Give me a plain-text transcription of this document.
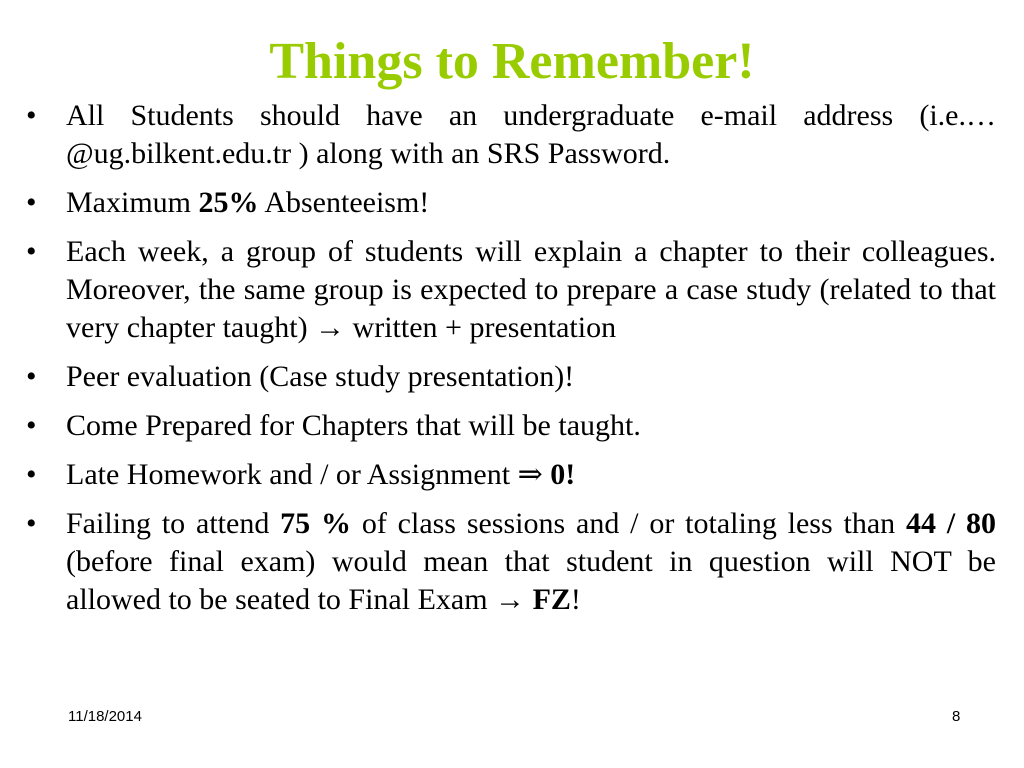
Things to Remember!
• All Students should have an undergraduate e-mail address (i.e.…@ug.bilkent.edu.tr ) along with an SRS Password.
• Maximum 25% Absenteeism!
• Each week, a group of students will explain a chapter to their colleagues. Moreover, the same group is expected to prepare a case study (related to that very chapter taught) → written + presentation
• Peer evaluation (Case study presentation)!
• Come Prepared for Chapters that will be taught.
• Late Homework and / or Assignment ⇒ 0!
• Failing to attend 75 % of class sessions and / or totaling less than 44 / 80 (before final exam) would mean that student in question will NOT be allowed to be seated to Final Exam → FZ!
11/18/2014	8
